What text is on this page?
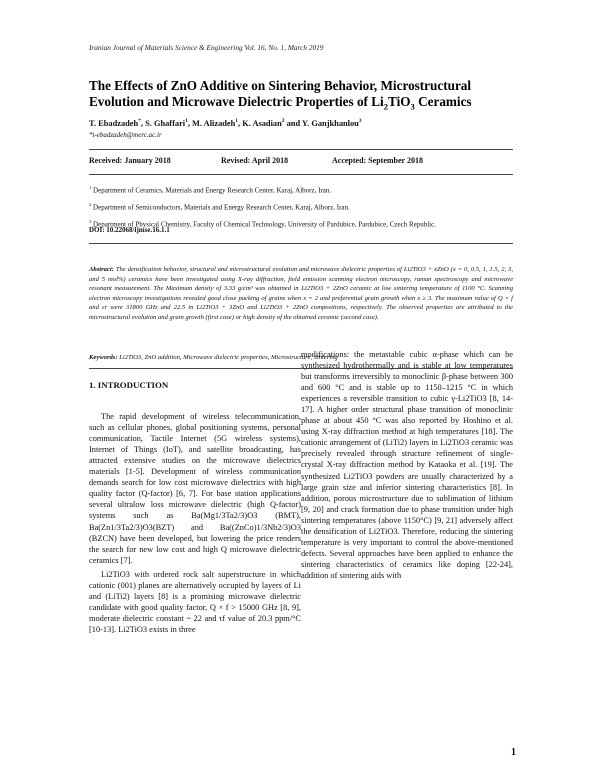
Iranian Journal of Materials Science & Engineering Vol. 16, No. 1, March 2019
The Effects of ZnO Additive on Sintering Behavior, Microstructural Evolution and Microwave Dielectric Properties of $Li_2TiO_3$ Ceramics
T. Ebadzadeh*, S. Ghaffari$^1$, M. Alizadeh$^1$, K. Asadian$^2$ and Y. Ganjkhanlou$^3$
*t-ebadzadeh@merc.ac.ir
Received: January 2018	Revised: April 2018	Accepted: September 2018
$^1$ Department of Ceramics, Materials and Energy Research Center, Karaj, Alborz, Iran.
$^2$ Department of Semiconductors, Materials and Energy Research Center, Karaj, Alborz, Iran.
$^3$ Department of Physical Chemistry, Faculty of Chemical Technology, University of Pardubice, Pardubice, Czech Republic.
DOI: 10.22068/ijmse.16.1.1
Abstract: The densification behavior, structural and microstructural evolution and microwave dielectric properties of Li2TiO3 + xZnO (x = 0, 0.5, 1, 1.5, 2, 3, and 5 mol%) ceramics have been investigated using X-ray diffraction, field emission scanning electron microscopy, raman spectroscopy and microwave resonant measurement. The Maximum density of 3.33 g/cm³ was obtained in Li2TiO3 + 2ZnO ceramic at low sintering temperature of 1100 °C. Scanning electron microscopy investigations revealed good close packing of grains when x = 2 and preferential grain growth when x ≥ 3. The maximum value of Q × f and εr were 31800 GHz and 22.5 in Li2TiO3 + 3ZnO and Li2TiO3 + 2ZnO compositions, respectively. The observed properties are attributed to the microstructural evolution and grain growth (first case) or high density of the obtained ceramic (second case).
Keywords: Li2TiO3, ZnO addition, Microwave dielectric properties, Microstructure, Sintering
1. INTRODUCTION

The rapid development of wireless telecommunication, such as cellular phones, global positioning systems, personal communication, Tactile Internet (5G wireless systems), Internet of Things (IoT), and satellite broadcasting, has attracted extensive studies on the microwave dielectrics materials [1-5]. Development of wireless communication demands search for low cost microwave dielectrics with high quality factor (Q-factor) [6, 7]. For base station applications several ultralow loss microwave dielectric (high Q-factor) systems such as Ba(Mg1/3Ta2/3)O3 (BMT), Ba(Zn1/3Ta2/3)O3(BZT) and Ba((ZnCo)1/3Nb2/3)O3 (BZCN) have been developed, but lowering the price renders the search for new low cost and high Q microwave dielectric ceramics [7].

Li2TiO3 with ordered rock salt superstructure in which cationic (001) planes are alternatively occupied by layers of Li and (LiTi2) layers [8] is a promising microwave dielectric candidate with good quality factor, Q × f > 15000 GHz [8, 9], moderate dielectric constant ~ 22 and τf value of 20.3 ppm/°C [10-13]. Li2TiO3 exists in three

modifications: the metastable cubic α-phase which can be synthesized hydrothermally and is stable at low temperatures but transforms irreversibly to monoclinic β-phase between 300 and 600 °C and is stable up to 1150–1215 °C in which experiences a reversible transition to cubic γ-Li2TiO3 [8, 14-17]. A higher order structural phase transition of monoclinic phase at about 450 °C was also reported by Hoshino et al. using X-ray diffraction method at high temperatures [18]. The cationic arrangement of (LiTi2) layers in Li2TiO3 ceramic was precisely revealed through structure refinement of single-crystal X-ray diffraction method by Kataoka et al. [19]. The synthesized Li2TiO3 powders are usually characterized by a large grain size and inferior sintering characteristics [8]. In addition, porous microstructure due to sublimation of lithium [9, 20] and crack formation due to phase transition under high sintering temperatures (above 1150°C) [9, 21] adversely affect the densification of Li2TiO3. Therefore, reducing the sintering temperature is very important to control the above-mentioned defects. Several approaches have been applied to enhance the sintering characteristics of ceramics like doping [22-24], addition of sintering aids with

1
